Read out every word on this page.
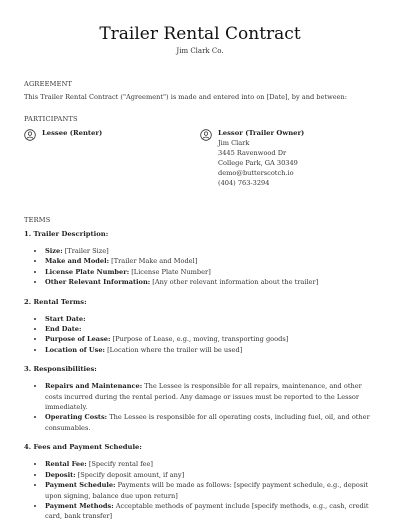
Trailer Rental Contract
Jim Clark Co.
AGREEMENT
This Trailer Rental Contract ("Agreement") is made and entered into on [Date], by and between:
PARTICIPANTS
Lessee (Renter)	Lessor (Trailer Owner)
Jim Clark
3445 Ravenwood Dr
College Park, GA 30349
demo@butterscotch.io
(404) 763-3294
TERMS
1. Trailer Description:
• Size: [Trailer Size]
• Make and Model: [Trailer Make and Model]
• License Plate Number: [License Plate Number]
• Other Relevant Information: [Any other relevant information about the trailer]
2. Rental Terms:
• Start Date:
• End Date:
• Purpose of Lease: [Purpose of Lease, e.g., moving, transporting goods]
• Location of Use: [Location where the trailer will be used]
3. Responsibilities:
• Repairs and Maintenance: The Lessee is responsible for all repairs, maintenance, and other costs incurred during the rental period. Any damage or issues must be reported to the Lessor immediately.
• Operating Costs: The Lessee is responsible for all operating costs, including fuel, oil, and other consumables.
4. Fees and Payment Schedule:
• Rental Fee: [Specify rental fee]
• Deposit: [Specify deposit amount, if any]
• Payment Schedule: Payments will be made as follows: [specify payment schedule, e.g., deposit upon signing, balance due upon return]
• Payment Methods: Acceptable methods of payment include [specify methods, e.g., cash, credit card, bank transfer]
